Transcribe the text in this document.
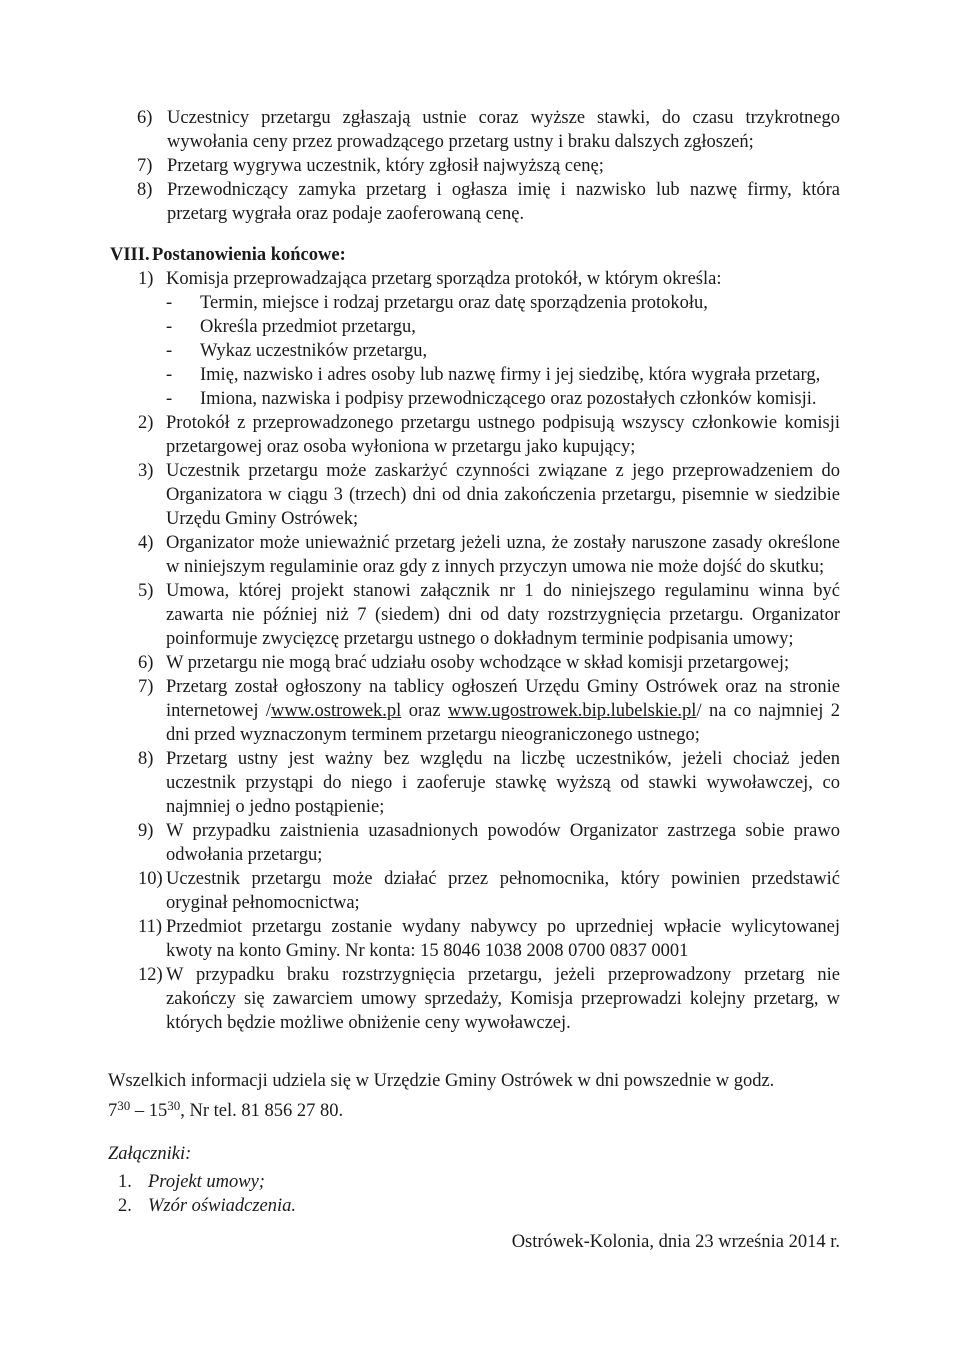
6) Uczestnicy przetargu zgłaszają ustnie coraz wyższe stawki, do czasu trzykrotnego wywołania ceny przez prowadzącego przetarg ustny i braku dalszych zgłoszeń;
7) Przetarg wygrywa uczestnik, który zgłosił najwyższą cenę;
8) Przewodniczący zamyka przetarg i ogłasza imię i nazwisko lub nazwę firmy, która przetarg wygrała oraz podaje zaoferowaną cenę.
VIII. Postanowienia końcowe:
1) Komisja przeprowadzająca przetarg sporządza protokół, w którym określa:
- Termin, miejsce i rodzaj przetargu oraz datę sporządzenia protokołu,
- Określa przedmiot przetargu,
- Wykaz uczestników przetargu,
- Imię, nazwisko i adres osoby lub nazwę firmy i jej siedzibę, która wygrała przetarg,
- Imiona, nazwiska i podpisy przewodniczącego oraz pozostałych członków komisji.
2) Protokół z przeprowadzonego przetargu ustnego podpisują wszyscy członkowie komisji przetargowej oraz osoba wyłoniona w przetargu jako kupujący;
3) Uczestnik przetargu może zaskarżyć czynności związane z jego przeprowadzeniem do Organizatora w ciągu 3 (trzech) dni od dnia zakończenia przetargu, pisemnie w siedzibie Urzędu Gminy Ostrówek;
4) Organizator może unieważnić przetarg jeżeli uzna, że zostały naruszone zasady określone w niniejszym regulaminie oraz gdy z innych przyczyn umowa nie może dojść do skutku;
5) Umowa, której projekt stanowi załącznik nr 1 do niniejszego regulaminu winna być zawarta nie później niż 7 (siedem) dni od daty rozstrzygnięcia przetargu. Organizator poinformuje zwycięzcę przetargu ustnego o dokładnym terminie podpisania umowy;
6) W przetargu nie mogą brać udziału osoby wchodzące w skład komisji przetargowej;
7) Przetarg został ogłoszony na tablicy ogłoszeń Urzędu Gminy Ostrówek oraz na stronie internetowej /www.ostrowek.pl oraz www.ugostrowek.bip.lubelskie.pl/ na co najmniej 2 dni przed wyznaczonym terminem przetargu nieograniczonego ustnego;
8) Przetarg ustny jest ważny bez względu na liczbę uczestników, jeżeli chociaż jeden uczestnik przystąpi do niego i zaoferuje stawkę wyższą od stawki wywoławczej, co najmniej o jedno postąpienie;
9) W przypadku zaistnienia uzasadnionych powodów Organizator zastrzega sobie prawo odwołania przetargu;
10) Uczestnik przetargu może działać przez pełnomocnika, który powinien przedstawić oryginał pełnomocnictwa;
11) Przedmiot przetargu zostanie wydany nabywcy po uprzedniej wpłacie wylicytowanej kwoty na konto Gminy. Nr konta: 15 8046 1038 2008 0700 0837 0001
12) W przypadku braku rozstrzygnięcia przetargu, jeżeli przeprowadzony przetarg nie zakończy się zawarciem umowy sprzedaży, Komisja przeprowadzi kolejny przetarg, w których będzie możliwe obniżenie ceny wywoławczej.
Wszelkich informacji udziela się w Urzędzie Gminy Ostrówek w dni powszednie w godz.
$7^{30} - 15^{30}$, Nr tel. 81 856 27 80.
Załączniki:
1. Projekt umowy;
2. Wzór oświadczenia.
Ostrówek-Kolonia, dnia 23 września 2014 r.
